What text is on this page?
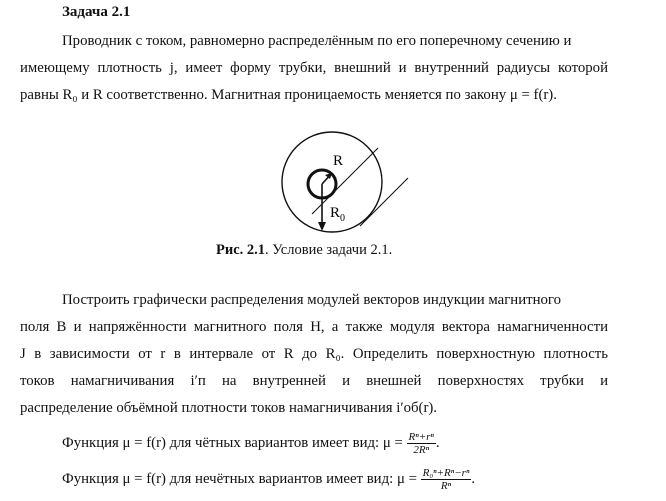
Задача 2.1
Проводник с током, равномерно распределённым по его поперечному сечению и
имеющему плотность j, имеет форму трубки, внешний и внутренний радиусы которой
равны R₀ и R соответственно. Магнитная проницаемость меняется по закону μ = f(r).
R
$R_0$
Рис. 2.1. Условие задачи 2.1.
Построить графически распределения модулей векторов индукции магнитного
поля B и напряжённости магнитного поля H, а также модуля вектора намагниченности
J в зависимости от r в интервале от R до R₀. Определить поверхностную плотность
токов намагничивания i′п на внутренней и внешней поверхностях трубки и
распределение объёмной плотности токов намагничивания i′об(r).
Функция μ = f(r) для чётных вариантов имеет вид: $\mu = \frac{\text{Rⁿ+rⁿ}}{\text{2Rⁿ}}$ .
Функция μ = f(r) для нечётных вариантов имеет вид: $\mu = \frac{\text{R₀ⁿ+Rⁿ−rⁿ}}{\text{Rⁿ}}$ .
